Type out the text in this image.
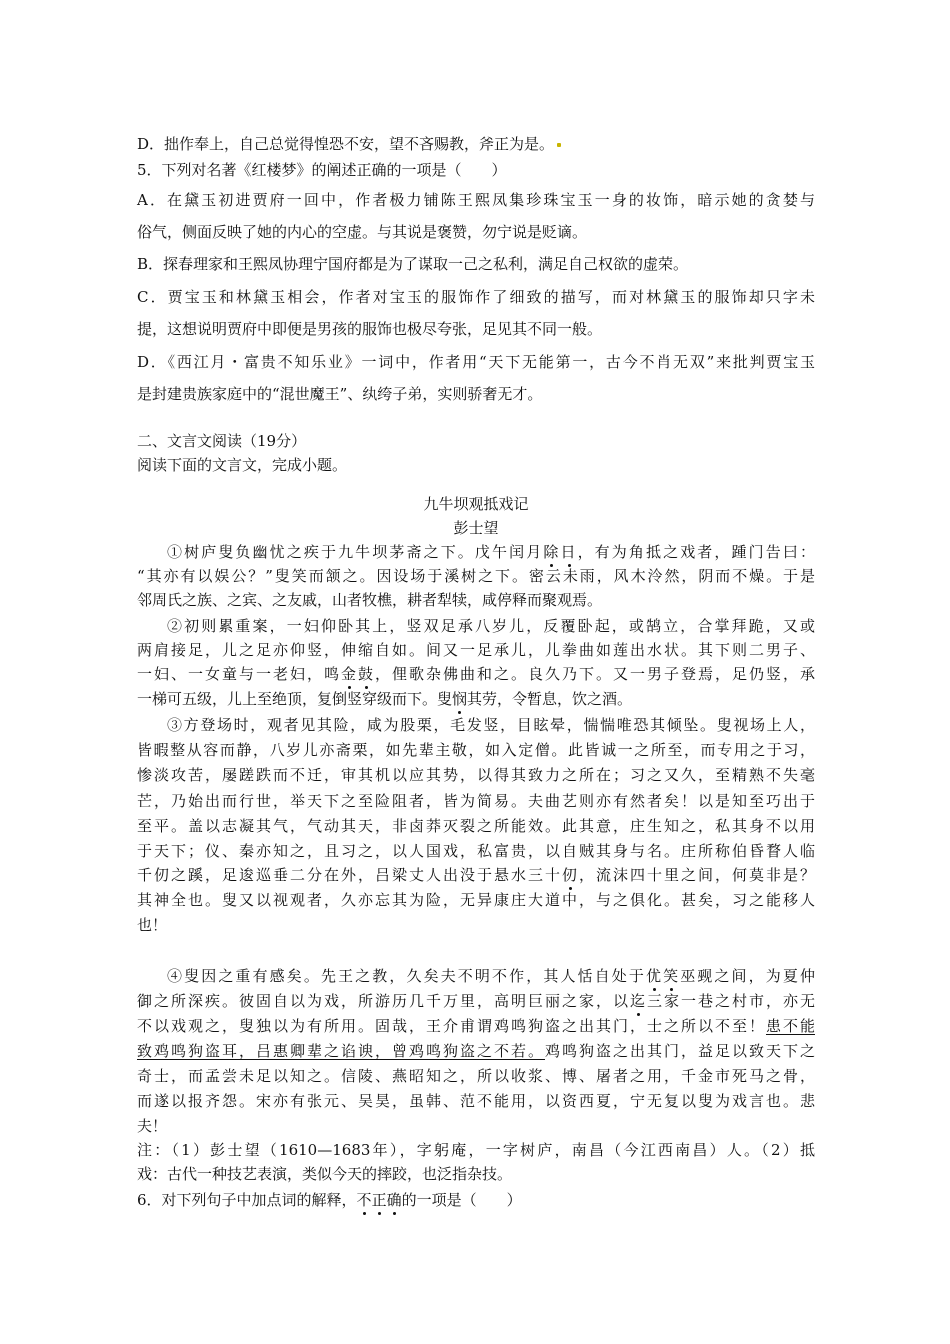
D．拙作奉上，自己总觉得惶恐不安，望不吝赐教，斧正为是。
5．下列对名著《红楼梦》的阐述正确的一项是（　　）
A．在黛玉初进贾府一回中，作者极力铺陈王熙凤集珍珠宝玉一身的妆饰，暗示她的贪婪与
俗气，侧面反映了她的内心的空虚。与其说是褒赞，勿宁说是贬谪。
B．探春理家和王熙凤协理宁国府都是为了谋取一己之私利，满足自己权欲的虚荣。
C．贾宝玉和林黛玉相会，作者对宝玉的服饰作了细致的描写，而对林黛玉的服饰却只字未
提，这想说明贾府中即便是男孩的服饰也极尽夸张，足见其不同一般。
D．《西江月・富贵不知乐业》一词中，作者用“天下无能第一，古今不肖无双”来批判贾宝玉
是封建贵族家庭中的“混世魔王”、纨绔子弟，实则骄奢无才。
二、文言文阅读（19分）
阅读下面的文言文，完成小题。
九牛坝观抵戏记
彭士望
①树庐叟负幽忧之疾于九牛坝茅斋之下。戊午闰月除日，有为角抵之戏者，踵门告曰：
“其亦有以娱公？”叟笑而颔之。因设场于溪树之下。密云未雨，风木泠然，阴而不燥。于是
邻周氏之族、之宾、之友戚，山者牧樵，耕者犁犊，咸停释而聚观焉。
②初则累重案，一妇仰卧其上，竖双足承八岁儿，反覆卧起，或鹄立，合掌拜跪，又或
两肩接足，儿之足亦仰竖，伸缩自如。间又一足承儿，儿拳曲如莲出水状。其下则二男子、
一妇、一女童与一老妇，鸣金鼓，俚歌杂佛曲和之。良久乃下。又一男子登焉，足仍竖，承
一梯可五级，儿上至绝顶，复倒竖穿级而下。叟悯其劳，令暂息，饮之酒。
③方登场时，观者见其险，咸为股栗，毛发竖，目眩晕，惴惴唯恐其倾坠。叟视场上人，
皆暇整从容而静，八岁儿亦斋栗，如先辈主敬，如入定僧。此皆诚一之所至，而专用之于习，
惨淡攻苦，屡蹉跌而不迁，审其机以应其势，以得其致力之所在；习之又久，至精熟不失毫
芒，乃始出而行世，举天下之至险阻者，皆为简易。夫曲艺则亦有然者矣！以是知至巧出于
至平。盖以志凝其气，气动其天，非卤莽灭裂之所能效。此其意，庄生知之，私其身不以用
于天下；仪、秦亦知之，且习之，以人国戏，私富贵，以自贼其身与名。庄所称伯昏瞀人临
千仞之蹊，足逡巡垂二分在外，吕梁丈人出没于悬水三十仞，流沫四十里之间，何莫非是？
其神全也。叟又以视观者，久亦忘其为险，无异康庄大道中，与之俱化。甚矣，习之能移人
也！
④叟因之重有感矣。先王之教，久矣夫不明不作，其人恬自处于优笑巫觋之间，为夏仲
御之所深疾。彼固自以为戏，所游历几千万里，高明巨丽之家，以迄三家一巷之村市，亦无
不以戏观之，叟独以为有所用。固哉，王介甫谓鸡鸣狗盗之出其门，士之所以不至！患不能
致鸡鸣狗盗耳，吕惠卿辈之谄谀，曾鸡鸣狗盗之不若。鸡鸣狗盗之出其门，益足以致天下之
奇士，而孟尝未足以知之。信陵、燕昭知之，所以收浆、博、屠者之用，千金市死马之骨，
而遂以报齐怨。宋亦有张元、吴昊，虽韩、范不能用，以资西夏，宁无复以叟为戏言也。悲
夫！
注：（1）彭士望（1610—1683年），字躬庵，一字树庐，南昌（今江西南昌）人。（2）抵
戏：古代一种技艺表演，类似今天的摔跤，也泛指杂技。
6．对下列句子中加点词的解释，不正确的一项是（　　）
